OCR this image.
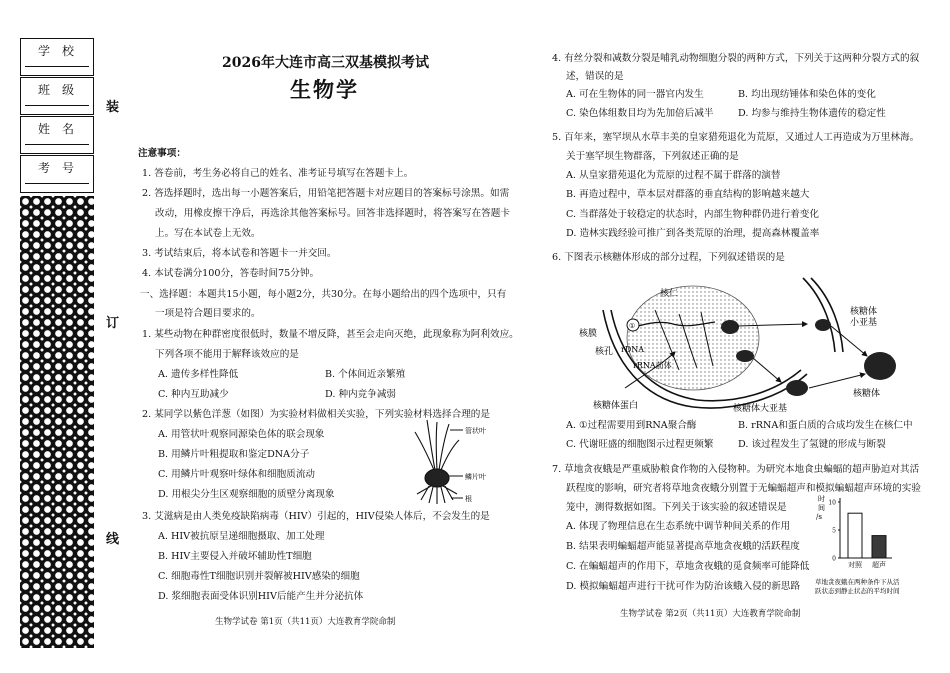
学校
班级
姓名
考号
装
订
线
2026年大连市高三双基模拟考试
生物学
注意事项：
1. 答卷前，考生务必将自己的姓名、准考证号填写在答题卡上。
2. 答选择题时，选出每一小题答案后，用铅笔把答题卡对应题目的答案标号涂黑。如需
改动，用橡皮擦干净后，再选涂其他答案标号。回答非选择题时，将答案写在答题卡
上。写在本试卷上无效。
3. 考试结束后，将本试卷和答题卡一并交回。
4. 本试卷满分100分，答卷时间75分钟。
一、选择题：本题共15小题，每小题2分，共30分。在每小题给出的四个选项中，只有
一项是符合题目要求的。
1. 某些动物在种群密度很低时，数量不增反降，甚至会走向灭绝，此现象称为阿利效应。
下列各项不能用于解释该效应的是
A. 遗传多样性降低	B. 个体间近亲繁殖
C. 种内互助减少	D. 种内竞争减弱
2. 某同学以紫色洋葱（如图）为实验材料做相关实验，下列实验材料选择合理的是
A. 用管状叶观察同源染色体的联会现象
B. 用鳞片叶粗提取和鉴定DNA分子
C. 用鳞片叶观察叶绿体和细胞质流动
D. 用根尖分生区观察细胞的质壁分离现象
管状叶
鳞片叶
根
3. 艾滋病是由人类免疫缺陷病毒（HIV）引起的，HIV侵染人体后，不会发生的是
A. HIV被抗原呈递细胞摄取、加工处理
B. HIV主要侵入并破坏辅助性T细胞
C. 细胞毒性T细胞识别并裂解被HIV感染的细胞
D. 浆细胞表面受体识别HIV后能产生并分泌抗体
生物学试卷 第1页（共11页）大连教育学院命制
4. 有丝分裂和减数分裂是哺乳动物细胞分裂的两种方式，下列关于这两种分裂方式的叙
述，错误的是
A. 可在生物体的同一器官内发生	B. 均出现纺锤体和染色体的变化
C. 染色体组数目均为先加倍后减半	D. 均参与维持生物体遗传的稳定性
5. 百年来，塞罕坝从水草丰美的皇家猎苑退化为荒原，又通过人工再造成为万里林海。
关于塞罕坝生物群落，下列叙述正确的是
A. 从皇家猎苑退化为荒原的过程不属于群落的演替
B. 再造过程中，草本层对群落的垂直结构的影响越来越大
C. 当群落处于较稳定的状态时，内部生物种群仍进行着变化
D. 造林实践经验可推广到各类荒原的治理，提高森林覆盖率
6. 下图表示核糖体形成的部分过程，下列叙述错误的是
核仁
核膜
核孔 rDNA
rRNA前体
①
核糖体蛋白
核糖体小亚基
核糖体
核糖体大亚基
A. ①过程需要用到RNA聚合酶	B. rRNA和蛋白质的合成均发生在核仁中
C. 代谢旺盛的细胞图示过程更频繁	D. 该过程发生了氢键的形成与断裂
7. 草地贪夜蛾是严重威胁粮食作物的入侵物种。为研究本地食虫蝙蝠的超声胁迫对其活
跃程度的影响，研究者将草地贪夜蛾分别置于无蝙蝠超声和模拟蝙蝠超声环境的实验
笼中，测得数据如图。下列关于该实验的叙述错误是
A. 体现了物理信息在生态系统中调节种间关系的作用
B. 结果表明蝙蝠超声能显著提高草地贪夜蛾的活跃程度
C. 在蝙蝠超声的作用下，草地贪夜蛾的觅食频率可能降低
D. 模拟蝙蝠超声进行干扰可作为防治该蛾入侵的新思路
时
间
/s
10
5
0
对照 超声
草地贪夜蛾在两种条件下从活
跃状态到静止状态的平均时间
生物学试卷 第2页（共11页）大连教育学院命制
